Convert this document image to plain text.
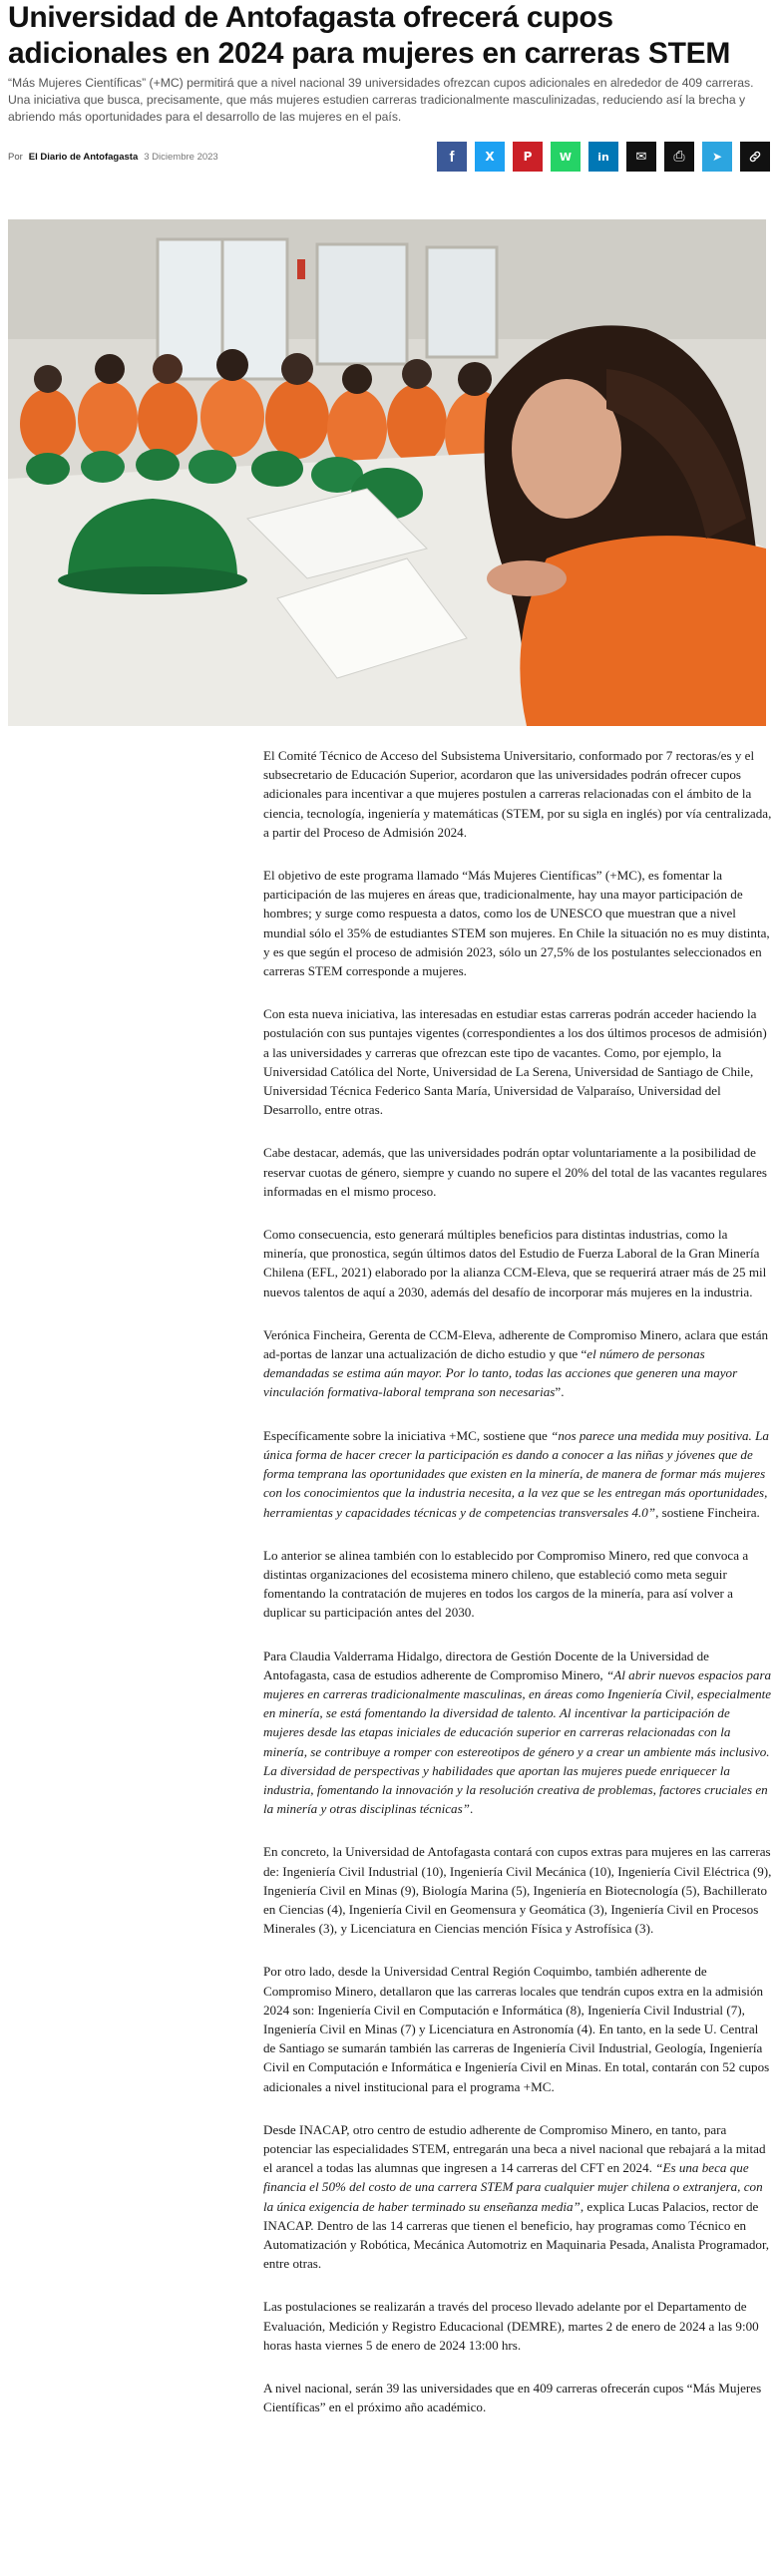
Universidad de Antofagasta ofrecerá cupos adicionales en 2024 para mujeres en carreras STEM

“Más Mujeres Científicas” (+MC) permitirá que a nivel nacional 39 universidades ofrezcan cupos adicionales en alrededor de 409 carreras. Una iniciativa que busca, precisamente, que más mujeres estudien carreras tradicionalmente masculinizadas, reduciendo así la brecha y abriendo más oportunidades para el desarrollo de las mujeres en el país.

Por El Diario de Antofagasta 3 Diciembre 2023	f	X P	W in ✉ ⎙ ➤

El Comité Técnico de Acceso del Subsistema Universitario, conformado por 7 rectoras/es y el subsecretario de Educación Superior, acordaron que las universidades podrán ofrecer cupos adicionales para incentivar a que mujeres postulen a carreras relacionadas con el ámbito de la ciencia, tecnología, ingeniería y matemáticas (STEM, por su sigla en inglés) por vía centralizada, a partir del Proceso de Admisión 2024.

El objetivo de este programa llamado “Más Mujeres Científicas” (+MC), es fomentar la participación de las mujeres en áreas que, tradicionalmente, hay una mayor participación de hombres; y surge como respuesta a datos, como los de UNESCO que muestran que a nivel mundial sólo el 35% de estudiantes STEM son mujeres. En Chile la situación no es muy distinta, y es que según el proceso de admisión 2023, sólo un 27,5% de los postulantes seleccionados en carreras STEM corresponde a mujeres.

Con esta nueva iniciativa, las interesadas en estudiar estas carreras podrán acceder haciendo la postulación con sus puntajes vigentes (correspondientes a los dos últimos procesos de admisión) a las universidades y carreras que ofrezcan este tipo de vacantes. Como, por ejemplo, la Universidad Católica del Norte, Universidad de La Serena, Universidad de Santiago de Chile, Universidad Técnica Federico Santa María, Universidad de Valparaíso, Universidad del Desarrollo, entre otras.

Cabe destacar, además, que las universidades podrán optar voluntariamente a la posibilidad de reservar cuotas de género, siempre y cuando no supere el 20% del total de las vacantes regulares informadas en el mismo proceso.

Como consecuencia, esto generará múltiples beneficios para distintas industrias, como la minería, que pronostica, según últimos datos del Estudio de Fuerza Laboral de la Gran Minería Chilena (EFL, 2021) elaborado por la alianza CCM-Eleva, que se requerirá atraer más de 25 mil nuevos talentos de aquí a 2030, además del desafío de incorporar más mujeres en la industria.

Verónica Fincheira, Gerenta de CCM-Eleva, adherente de Compromiso Minero, aclara que están ad-portas de lanzar una actualización de dicho estudio y que “el número de personas demandadas se estima aún mayor. Por lo tanto, todas las acciones que generen una mayor vinculación formativa-laboral temprana son necesarias”.

Específicamente sobre la iniciativa +MC, sostiene que “nos parece una medida muy positiva. La única forma de hacer crecer la participación es dando a conocer a las niñas y jóvenes que de forma temprana las oportunidades que existen en la minería, de manera de formar más mujeres con los conocimientos que la industria necesita, a la vez que se les entregan más oportunidades, herramientas y capacidades técnicas y de competencias transversales 4.0”, sostiene Fincheira.

Lo anterior se alinea también con lo establecido por Compromiso Minero, red que convoca a distintas organizaciones del ecosistema minero chileno, que estableció como meta seguir fomentando la contratación de mujeres en todos los cargos de la minería, para así volver a duplicar su participación antes del 2030.

Para Claudia Valderrama Hidalgo, directora de Gestión Docente de la Universidad de Antofagasta, casa de estudios adherente de Compromiso Minero, “Al abrir nuevos espacios para mujeres en carreras tradicionalmente masculinas, en áreas como Ingeniería Civil, especialmente en minería, se está fomentando la diversidad de talento. Al incentivar la participación de mujeres desde las etapas iniciales de educación superior en carreras relacionadas con la minería, se contribuye a romper con estereotipos de género y a crear un ambiente más inclusivo. La diversidad de perspectivas y habilidades que aportan las mujeres puede enriquecer la industria, fomentando la innovación y la resolución creativa de problemas, factores cruciales en la minería y otras disciplinas técnicas”.

En concreto, la Universidad de Antofagasta contará con cupos extras para mujeres en las carreras de: Ingeniería Civil Industrial (10), Ingeniería Civil Mecánica (10), Ingeniería Civil Eléctrica (9), Ingeniería Civil en Minas (9), Biología Marina (5), Ingeniería en Biotecnología (5), Bachillerato en Ciencias (4), Ingeniería Civil en Geomensura y Geomática (3), Ingeniería Civil en Procesos Minerales (3), y Licenciatura en Ciencias mención Física y Astrofísica (3).

Por otro lado, desde la Universidad Central Región Coquimbo, también adherente de Compromiso Minero, detallaron que las carreras locales que tendrán cupos extra en la admisión 2024 son: Ingeniería Civil en Computación e Informática (8), Ingeniería Civil Industrial (7), Ingeniería Civil en Minas (7) y Licenciatura en Astronomía (4). En tanto, en la sede U. Central de Santiago se sumarán también las carreras de Ingeniería Civil Industrial, Geología, Ingeniería Civil en Computación e Informática e Ingeniería Civil en Minas. En total, contarán con 52 cupos adicionales a nivel institucional para el programa +MC.

Desde INACAP, otro centro de estudio adherente de Compromiso Minero, en tanto, para potenciar las especialidades STEM, entregarán una beca a nivel nacional que rebajará a la mitad el arancel a todas las alumnas que ingresen a 14 carreras del CFT en 2024. “Es una beca que financia el 50% del costo de una carrera STEM para cualquier mujer chilena o extranjera, con la única exigencia de haber terminado su enseñanza media”, explica Lucas Palacios, rector de INACAP. Dentro de las 14 carreras que tienen el beneficio, hay programas como Técnico en Automatización y Robótica, Mecánica Automotriz en Maquinaria Pesada, Analista Programador, entre otras.

Las postulaciones se realizarán a través del proceso llevado adelante por el Departamento de Evaluación, Medición y Registro Educacional (DEMRE), martes 2 de enero de 2024 a las 9:00 horas hasta viernes 5 de enero de 2024 13:00 hrs.

A nivel nacional, serán 39 las universidades que en 409 carreras ofrecerán cupos “Más Mujeres Científicas” en el próximo año académico.
